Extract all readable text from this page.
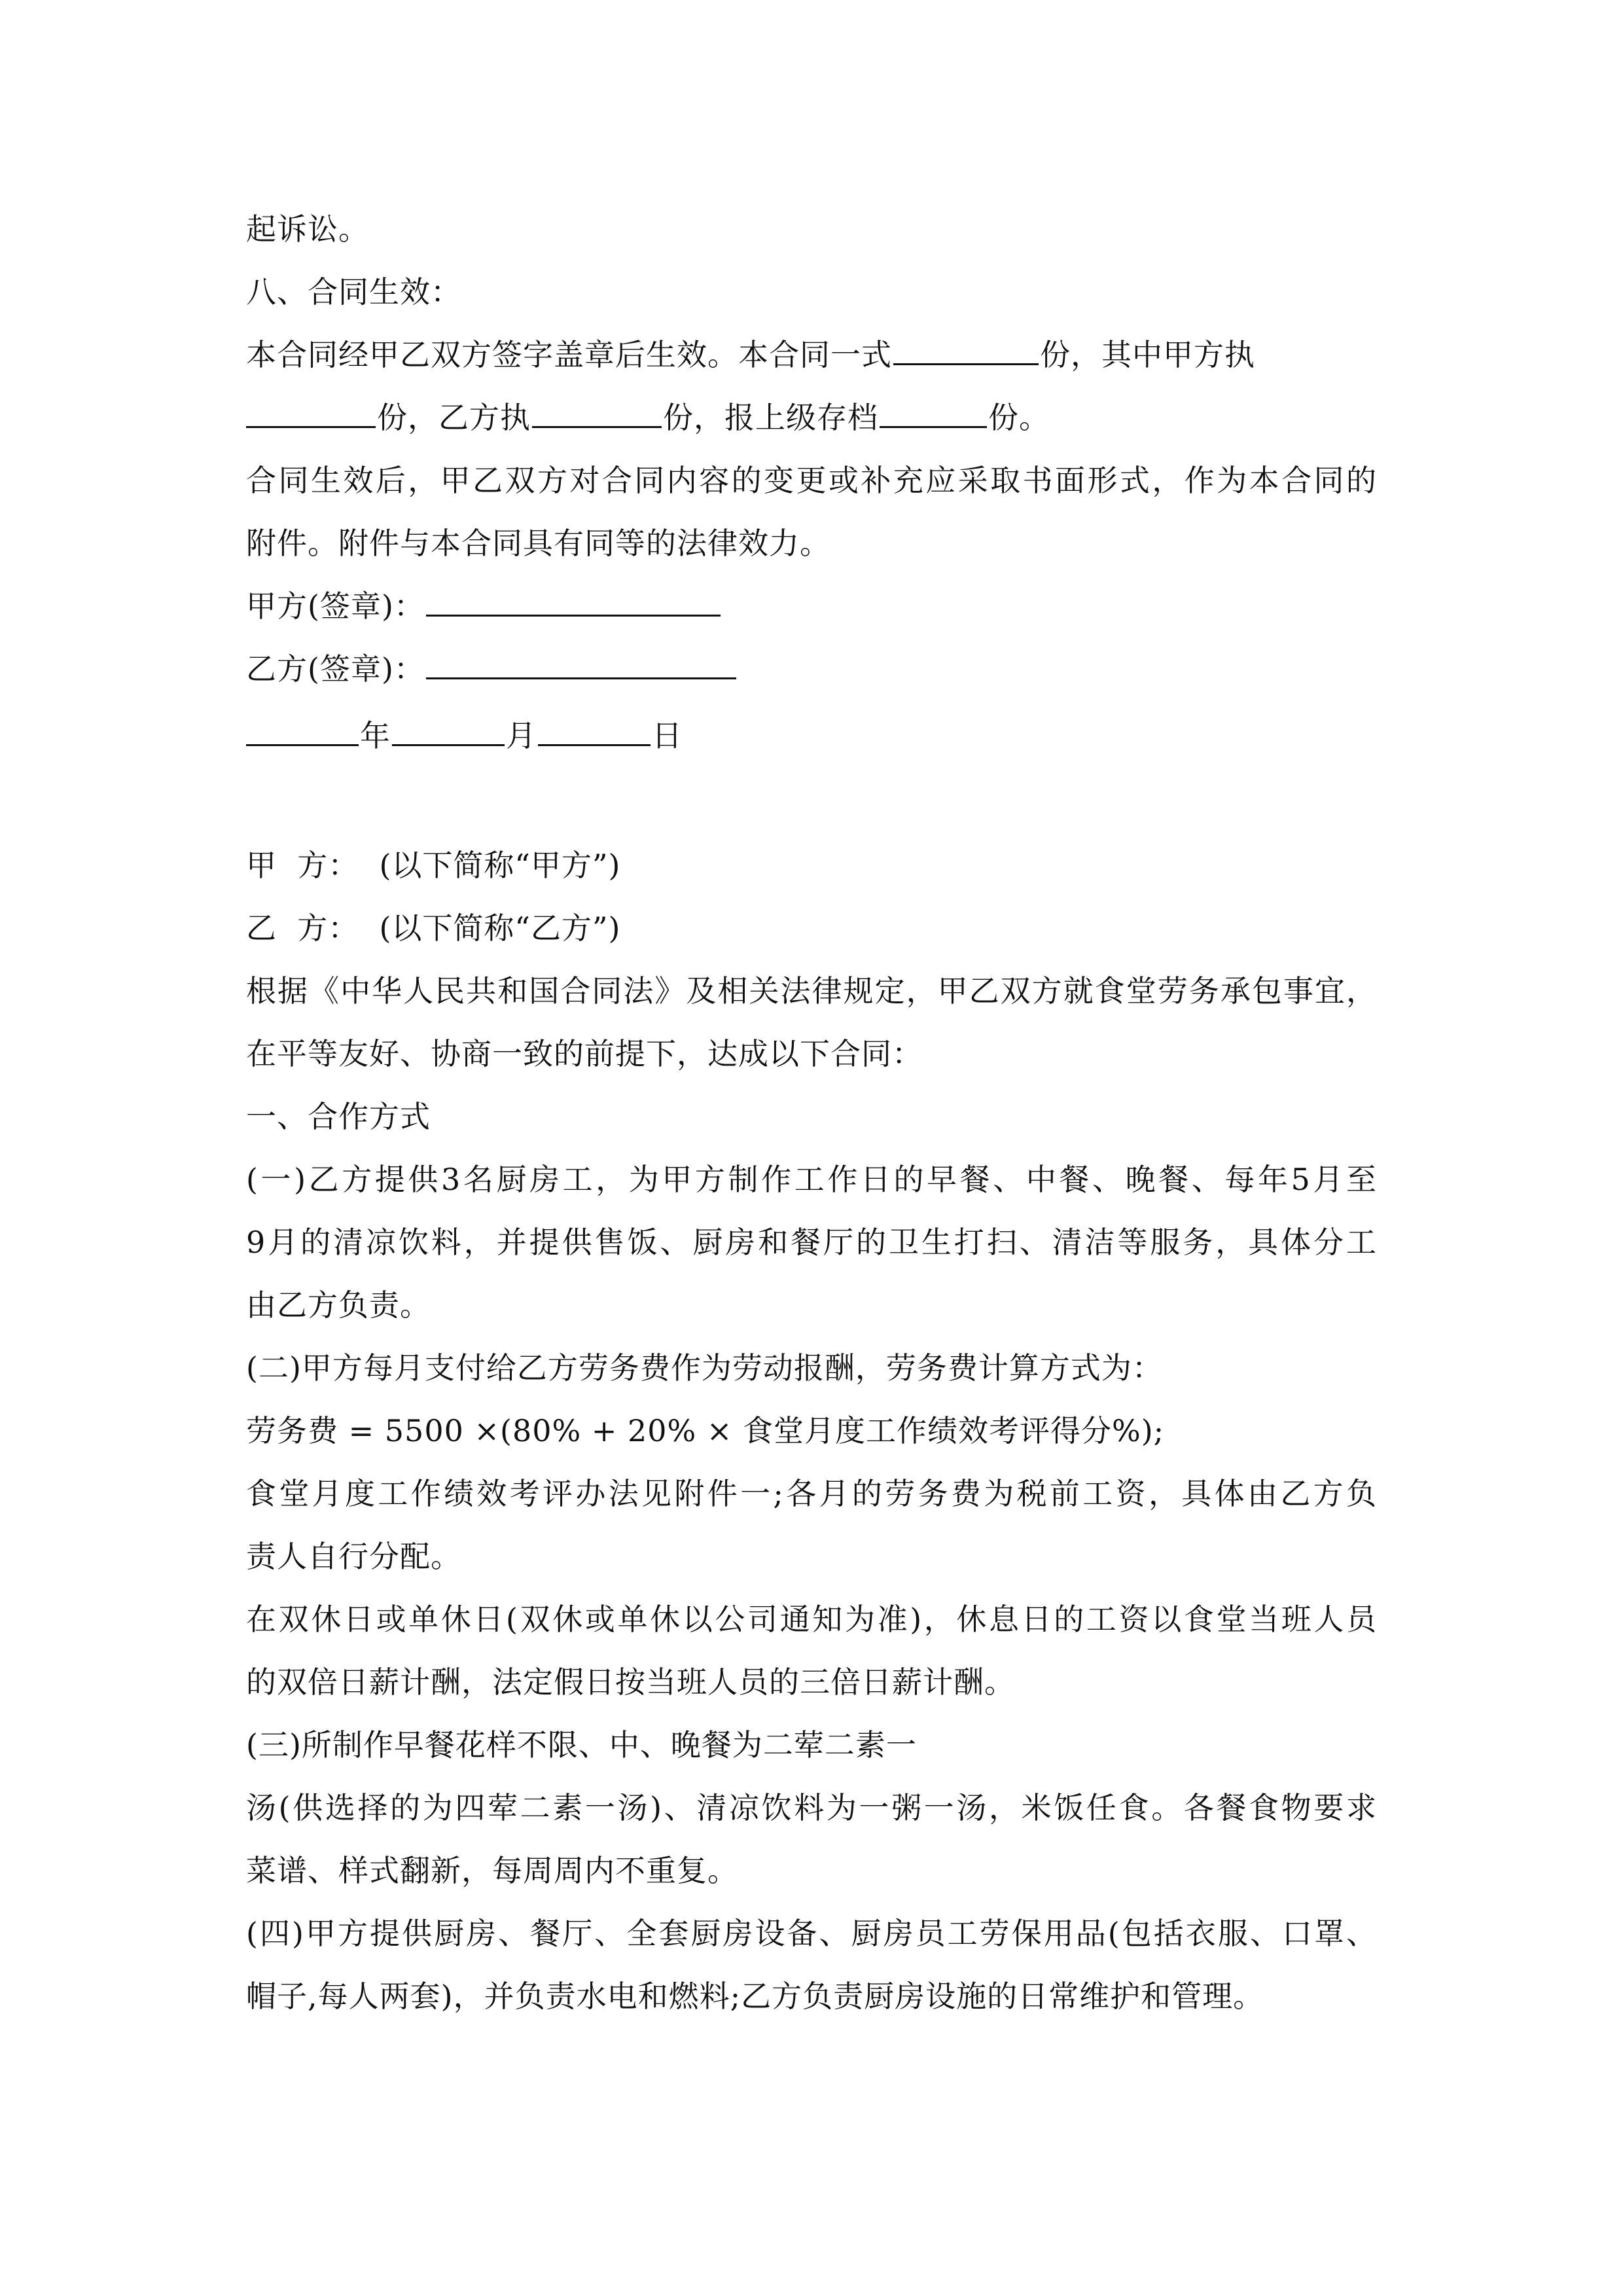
起诉讼。

八、合同生效：

本合同经甲乙双方签字盖章后生效。本合同一式	份，其中甲方执

份，乙方执	份，报上级存档	份。

合同生效后，甲乙双方对合同内容的变更或补充应采取书面形式，作为本合同的

附件。附件与本合同具有同等的法律效力。

甲方(签章)：

乙方(签章)：

年	月	日

甲  方：  (以下简称“甲方”)

乙  方：  (以下简称“乙方”)

根据《中华人民共和国合同法》及相关法律规定，甲乙双方就食堂劳务承包事宜，

在平等友好、协商一致的前提下，达成以下合同：

一、合作方式

(一)乙方提供3名厨房工，为甲方制作工作日的早餐、中餐、晚餐、每年5月至

9月的清凉饮料，并提供售饭、厨房和餐厅的卫生打扫、清洁等服务，具体分工

由乙方负责。

(二)甲方每月支付给乙方劳务费作为劳动报酬，劳务费计算方式为：

劳务费 = 5500 ×(80% + 20% × 食堂月度工作绩效考评得分%);

食堂月度工作绩效考评办法见附件一;各月的劳务费为税前工资，具体由乙方负

责人自行分配。

在双休日或单休日(双休或单休以公司通知为准)，休息日的工资以食堂当班人员

的双倍日薪计酬，法定假日按当班人员的三倍日薪计酬。

(三)所制作早餐花样不限、中、晚餐为二荤二素一

汤(供选择的为四荤二素一汤)、清凉饮料为一粥一汤，米饭任食。各餐食物要求

菜谱、样式翻新，每周周内不重复。

(四)甲方提供厨房、餐厅、全套厨房设备、厨房员工劳保用品(包括衣服、口罩、

帽子,每人两套)，并负责水电和燃料;乙方负责厨房设施的日常维护和管理。
